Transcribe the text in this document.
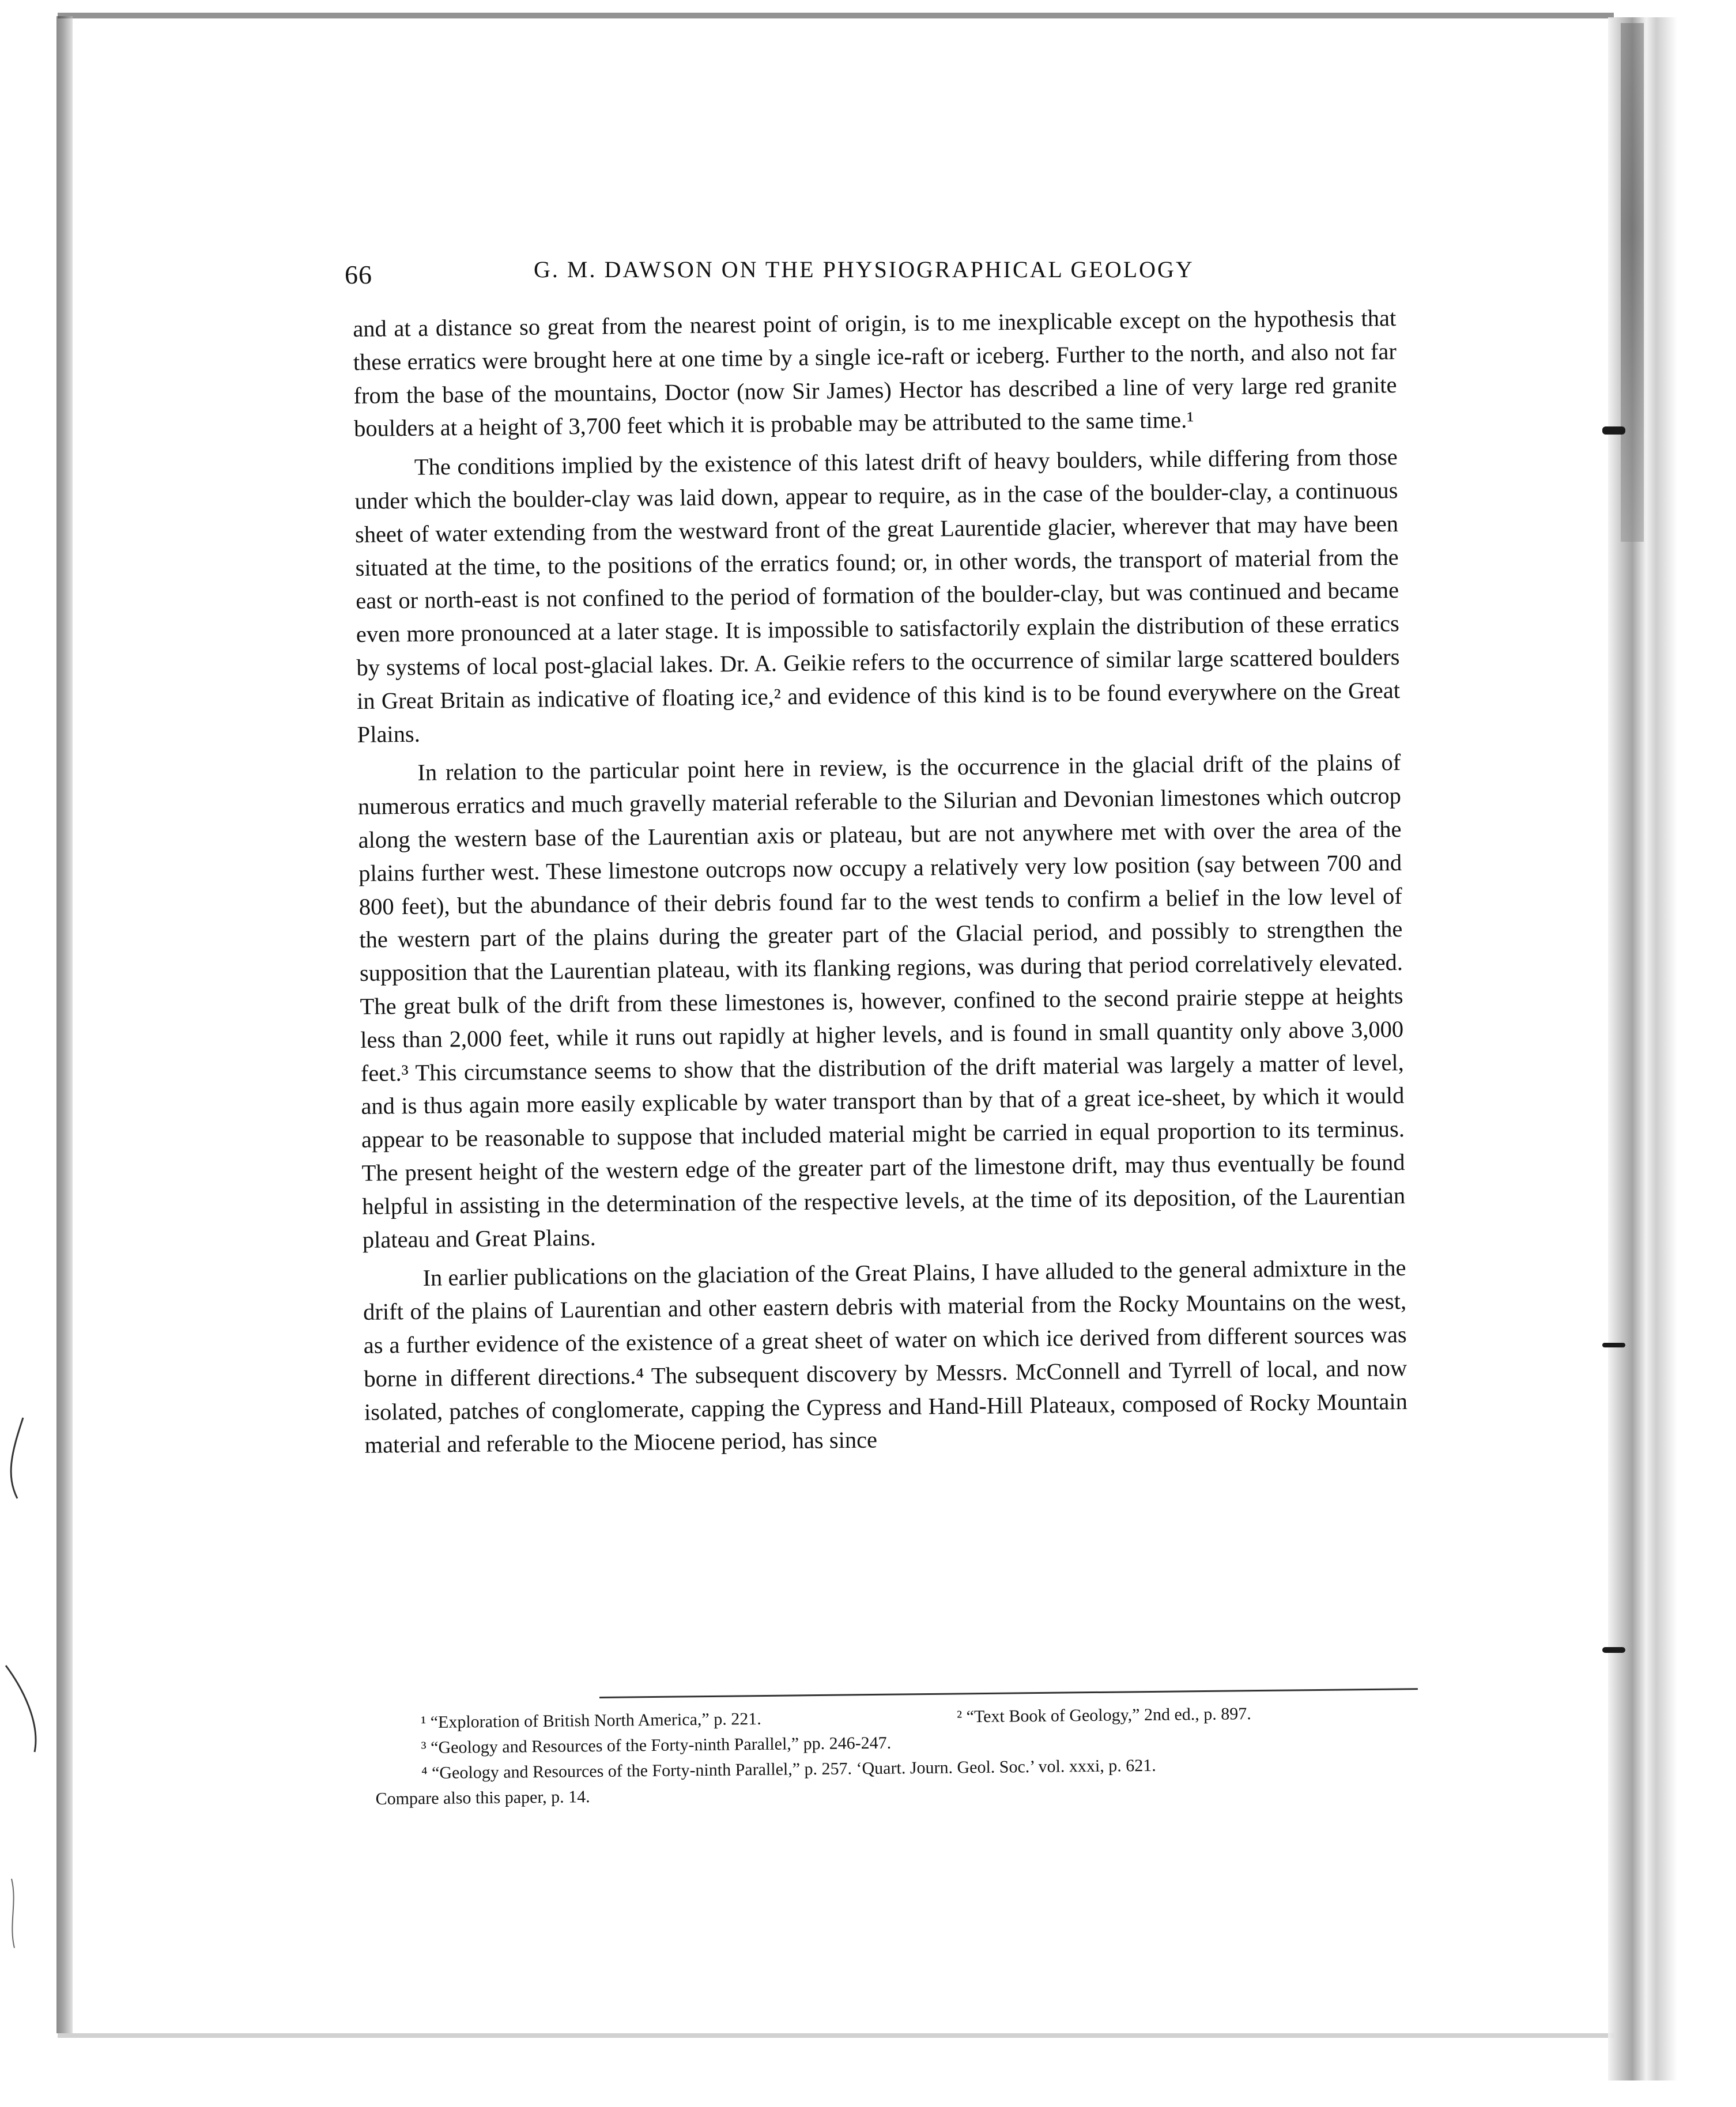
66	G. M. DAWSON ON THE PHYSIOGRAPHICAL GEOLOGY

and at a distance so great from the nearest point of origin, is to me inexplicable except on the hypothesis that these erratics were brought here at one time by a single ice-raft or iceberg. Further to the north, and also not far from the base of the mountains, Doctor (now Sir James) Hector has described a line of very large red granite boulders at a height of 3,700 feet which it is probable may be attributed to the same time.¹

The conditions implied by the existence of this latest drift of heavy boulders, while differing from those under which the boulder-clay was laid down, appear to require, as in the case of the boulder-clay, a continuous sheet of water extending from the westward front of the great Laurentide glacier, wherever that may have been situated at the time, to the positions of the erratics found; or, in other words, the transport of material from the east or north-east is not confined to the period of formation of the boulder-clay, but was continued and became even more pronounced at a later stage. It is impossible to satisfactorily explain the distribution of these erratics by systems of local post-glacial lakes. Dr. A. Geikie refers to the occurrence of similar large scattered boulders in Great Britain as indicative of floating ice,² and evidence of this kind is to be found everywhere on the Great Plains.

In relation to the particular point here in review, is the occurrence in the glacial drift of the plains of numerous erratics and much gravelly material referable to the Silurian and Devonian limestones which outcrop along the western base of the Laurentian axis or plateau, but are not anywhere met with over the area of the plains further west. These limestone outcrops now occupy a relatively very low position (say between 700 and 800 feet), but the abundance of their debris found far to the west tends to confirm a belief in the low level of the western part of the plains during the greater part of the Glacial period, and possibly to strengthen the supposition that the Laurentian plateau, with its flanking regions, was during that period correlatively elevated. The great bulk of the drift from these limestones is, however, confined to the second prairie steppe at heights less than 2,000 feet, while it runs out rapidly at higher levels, and is found in small quantity only above 3,000 feet.³ This circumstance seems to show that the distribution of the drift material was largely a matter of level, and is thus again more easily explicable by water transport than by that of a great ice-sheet, by which it would appear to be reasonable to suppose that included material might be carried in equal proportion to its terminus. The present height of the western edge of the greater part of the limestone drift, may thus eventually be found helpful in assisting in the determination of the respective levels, at the time of its deposition, of the Laurentian plateau and Great Plains.

In earlier publications on the glaciation of the Great Plains, I have alluded to the general admixture in the drift of the plains of Laurentian and other eastern debris with material from the Rocky Mountains on the west, as a further evidence of the existence of a great sheet of water on which ice derived from different sources was borne in different directions.⁴ The subsequent discovery by Messrs. McConnell and Tyrrell of local, and now isolated, patches of conglomerate, capping the Cypress and Hand-Hill Plateaux, composed of Rocky Mountain material and referable to the Miocene period, has since

¹ “Exploration of British North America,” p. 221.	² “Text Book of Geology,” 2nd ed., p. 897.
³ “Geology and Resources of the Forty-ninth Parallel,” pp. 246-247.
⁴ “Geology and Resources of the Forty-ninth Parallel,” p. 257. ‘Quart. Journ. Geol. Soc.’ vol. xxxi, p. 621.
Compare also this paper, p. 14.
